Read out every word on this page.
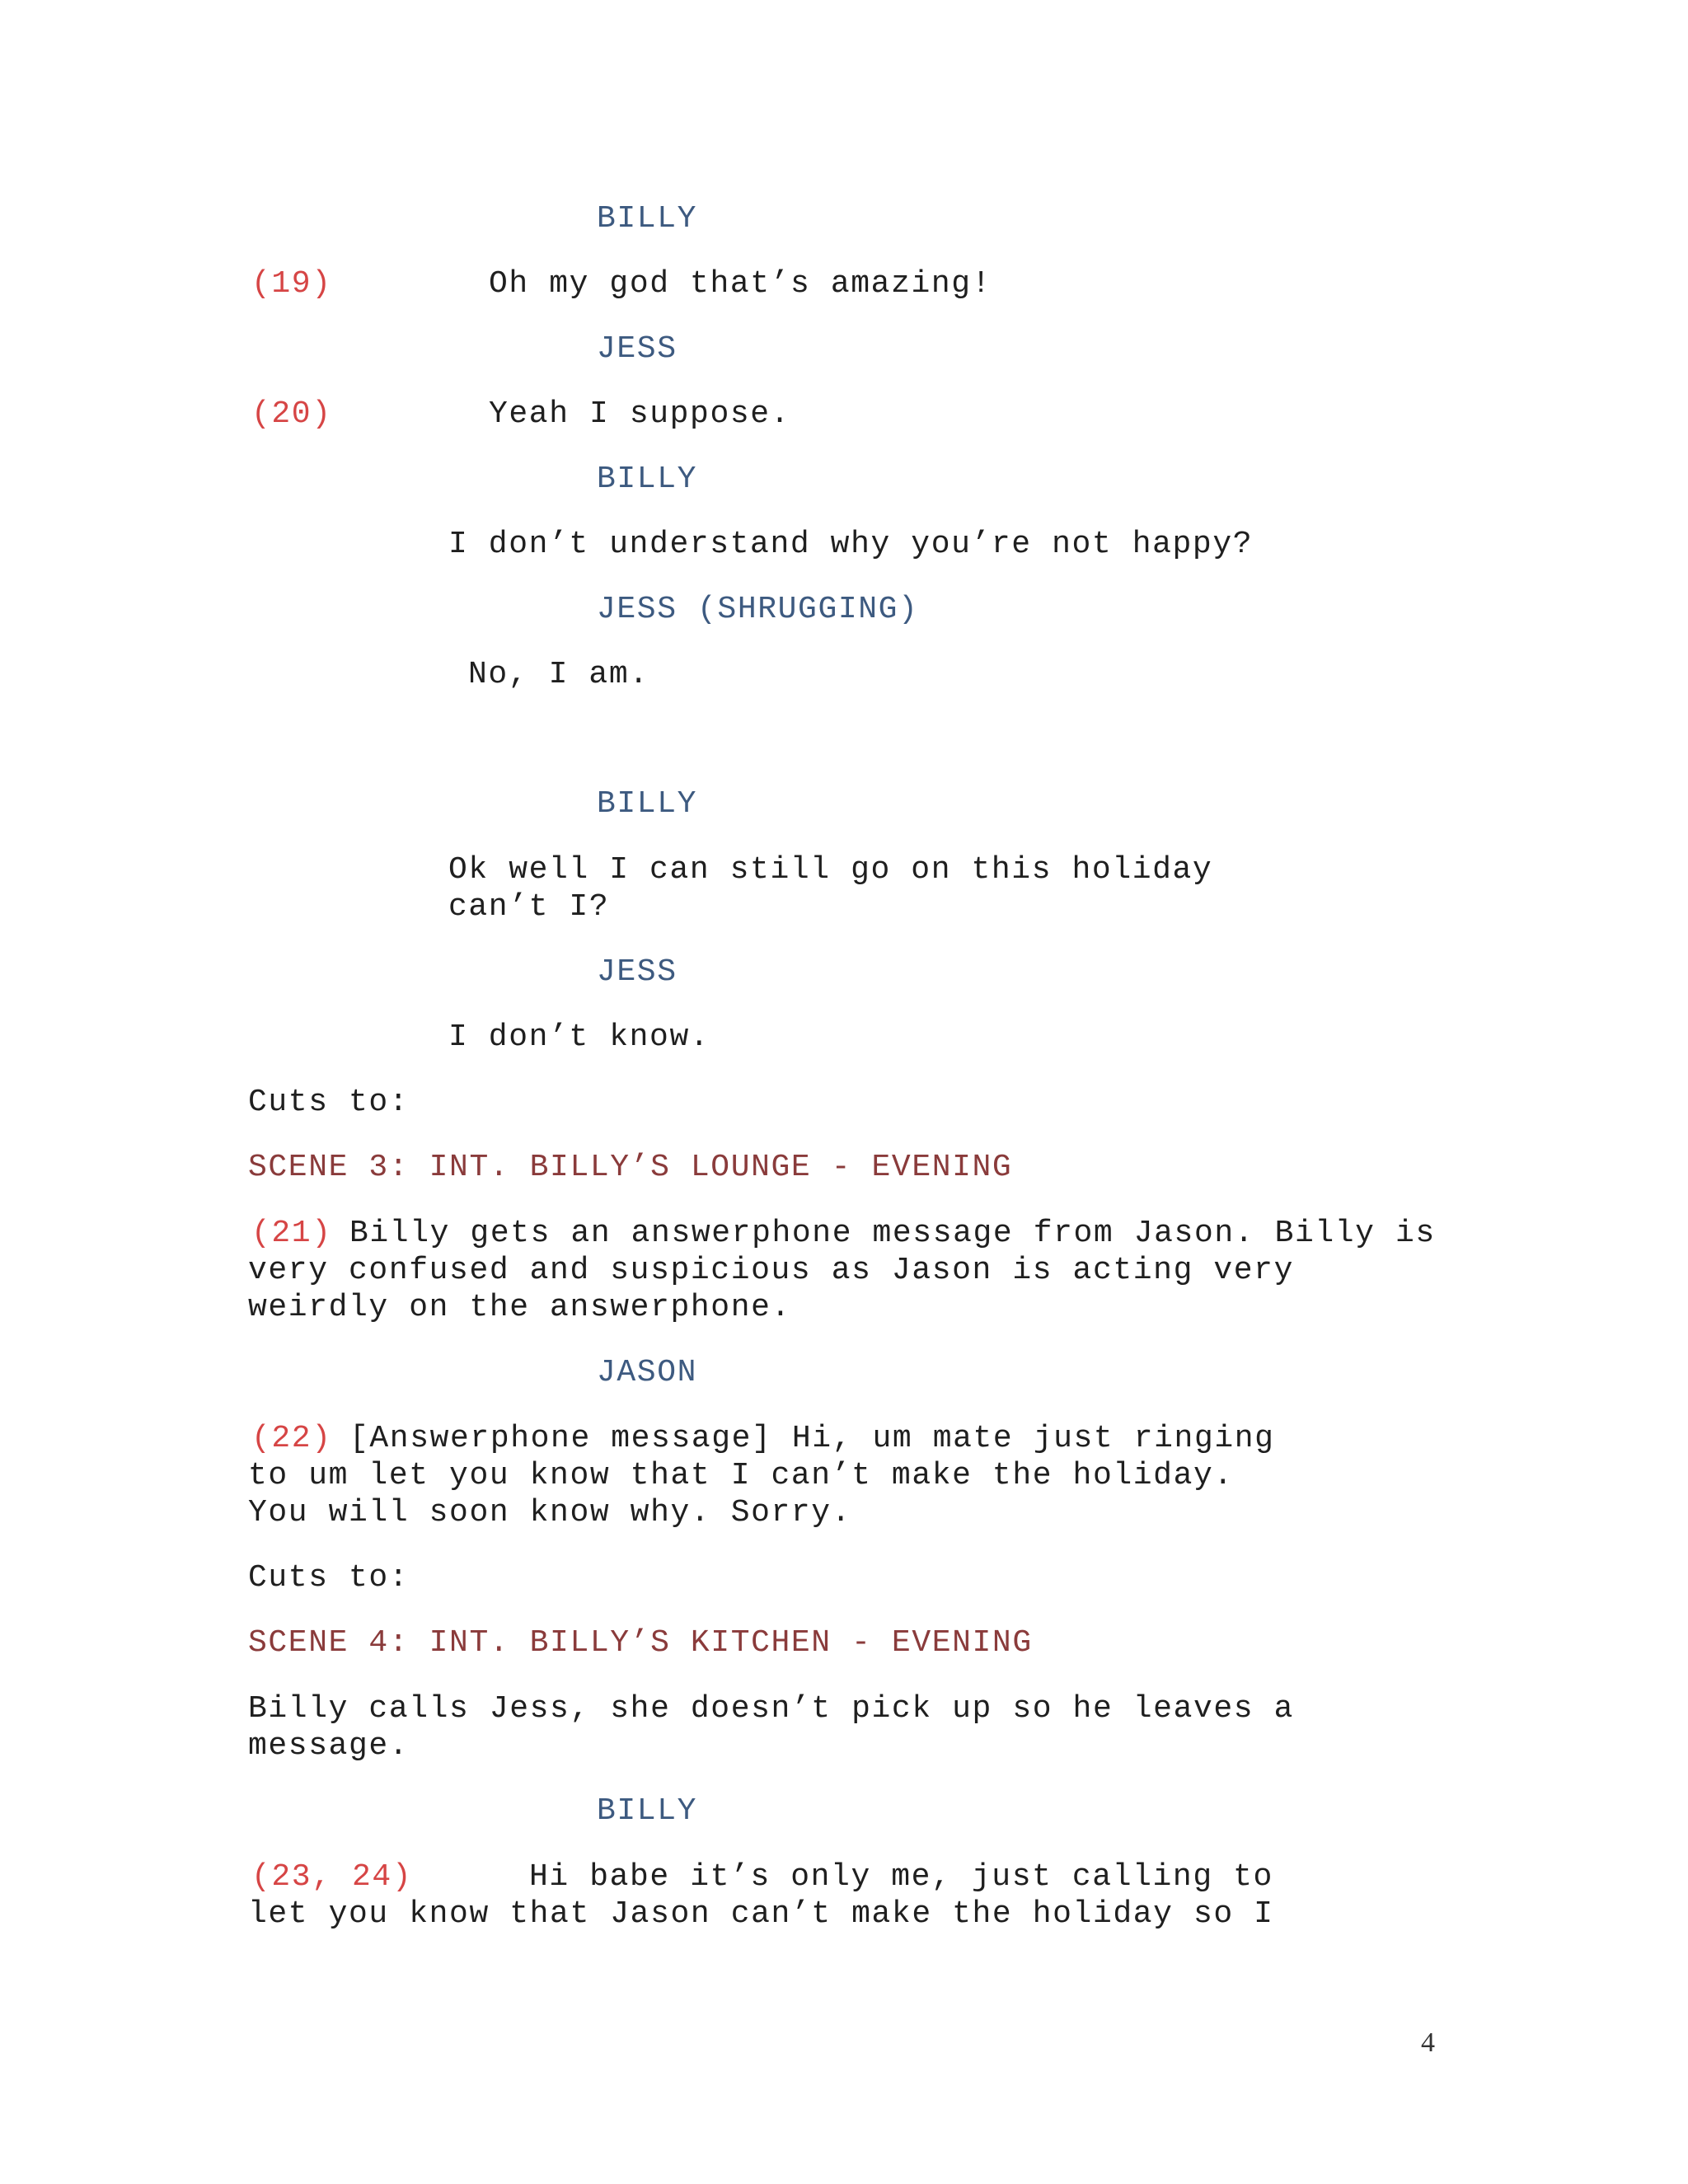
BILLY
(19)	Oh my god that’s amazing!
JESS
(20)	Yeah I suppose.
BILLY
I don’t understand why you’re not happy?
JESS (SHRUGGING)
No, I am.
BILLY
Ok well I can still go on this holiday
can’t I?
JESS
I don’t know.
Cuts to:
SCENE 3: INT. BILLY’S LOUNGE - EVENING
(21) Billy gets an answerphone message from Jason. Billy is
very confused and suspicious as Jason is acting very
weirdly on the answerphone.
JASON
(22) [Answerphone message] Hi, um mate just ringing
to um let you know that I can’t make the holiday.
You will soon know why. Sorry.
Cuts to:
SCENE 4: INT. BILLY’S KITCHEN - EVENING
Billy calls Jess, she doesn’t pick up so he leaves a
message.
BILLY
(23, 24)	Hi babe it’s only me, just calling to
let you know that Jason can’t make the holiday so I
4
